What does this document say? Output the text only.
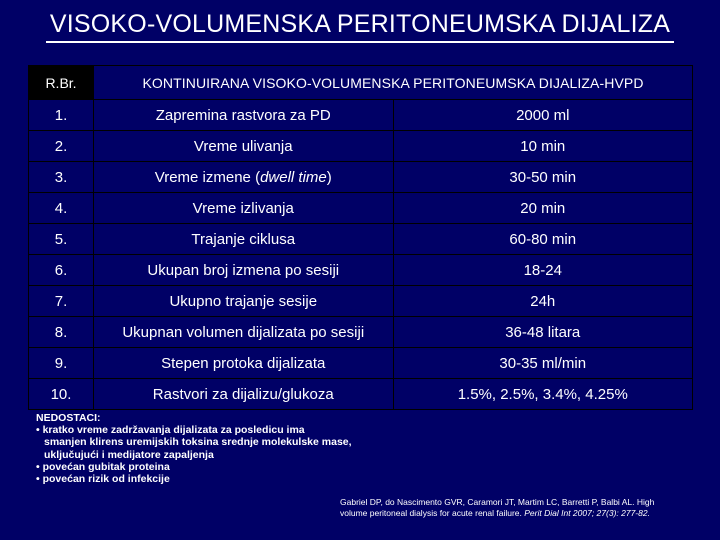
VISOKO-VOLUMENSKA PERITONEUMSKA DIJALIZA
R.Br.	KONTINUIRANA VISOKO-VOLUMENSKA PERITONEUMSKA DIJALIZA-HVPD	
1.	Zapremina rastvora za PD	2000 ml
2.	Vreme ulivanja	10 min
3.	Vreme izmene (dwell time)	30-50 min
4.	Vreme izlivanja	20 min
5.	Trajanje ciklusa	60-80 min
6.	Ukupan broj izmena po sesiji	18-24
7.	Ukupno trajanje sesije	24h
8.	Ukupnan volumen dijalizata po sesiji	36-48 litara
9.	Stepen protoka dijalizata	30-35 ml/min
10.	Rastvori za dijalizu/glukoza	1.5%, 2.5%, 3.4%, 4.25%
NEDOSTACI:
• kratko vreme zadržavanja dijalizata za posledicu ima
smanjen klirens uremijskih toksina srednje molekulske mase,
uključujući i medijatore zapaljenja
• povećan gubitak proteina
• povećan rizik od infekcije
Gabriel DP, do Nascimento GVR, Caramori JT, Martim LC, Barretti P, Balbi AL. High
volume peritoneal dialysis for acute renal failure. Perit Dial Int 2007; 27(3): 277-82.
